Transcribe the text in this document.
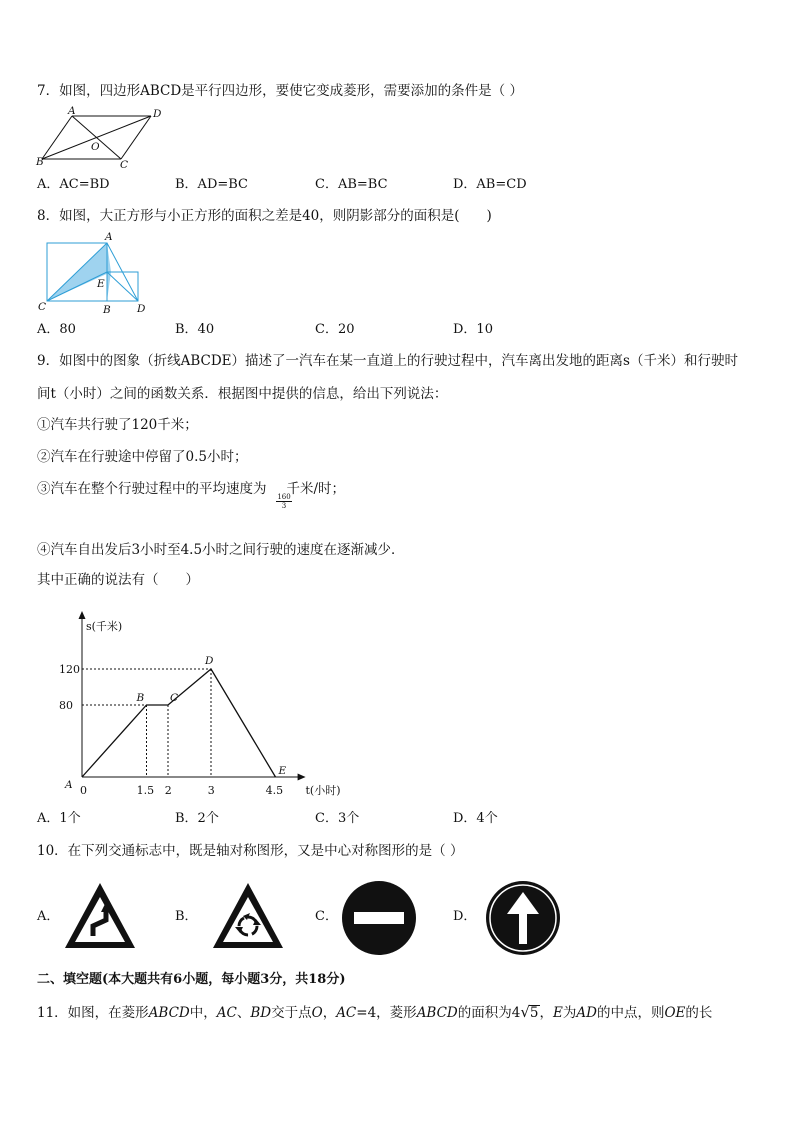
7．如图，四边形ABCD是平行四边形，要使它变成菱形，需要添加的条件是（ ）
A	D
B	C
O
A．AC=BD	B．AD=BC	C．AB=BC	D．AB=CD
8．如图，大正方形与小正方形的面积之差是40，则阴影部分的面积是(　　)
A
E
C	B	D
A．80	B．40	C．20	D．10
9．如图中的图象（折线ABCDE）描述了一汽车在某一直道上的行驶过程中，汽车离出发地的距离s（千米）和行驶时
间t（小时）之间的函数关系．根据图中提供的信息，给出下列说法：
①汽车共行驶了120千米；
②汽车在行驶途中停留了0.5小时；
③汽车在整个行驶过程中的平均速度为 千米/时；
$\frac{160}{3}$
④汽车自出发后3小时至4.5小时之间行驶的速度在逐渐减少．
其中正确的说法有（　　）
s(千米)
t(小时)
A
B C
D
E
0	1.5 2	3	4.5
80
120
A．1个	B．2个	C．3个	D．4个
10．在下列交通标志中，既是轴对称图形，又是中心对称图形的是（ ）
A．	B．	C．	D．
二、填空题(本大题共有6小题，每小题3分，共18分)
11．如图，在菱形ABCD中，AC、BD交于点O，AC=4，菱形ABCD的面积为4√5，E为AD的中点，则OE的长
